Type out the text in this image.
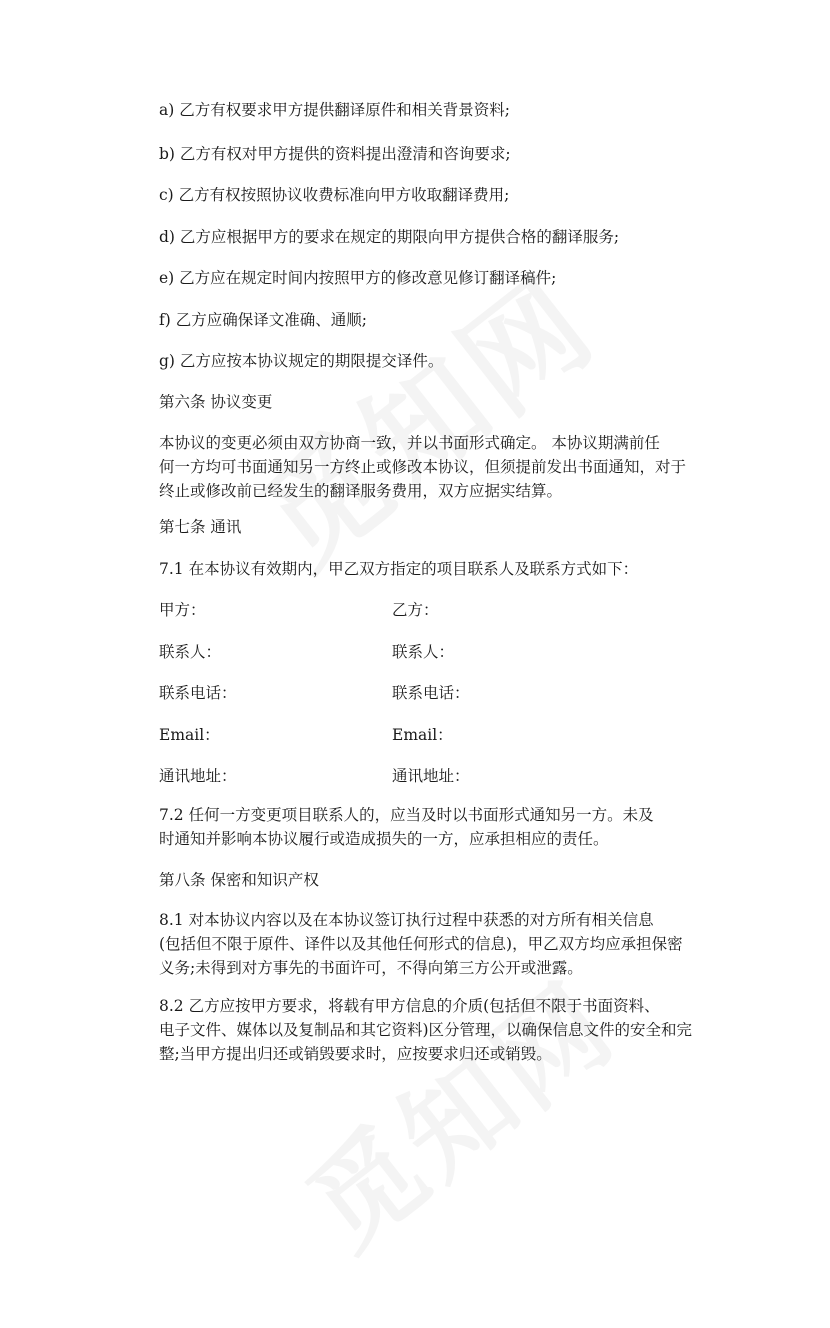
a) 乙方有权要求甲方提供翻译原件和相关背景资料;
b) 乙方有权对甲方提供的资料提出澄清和咨询要求;
c) 乙方有权按照协议收费标准向甲方收取翻译费用;
d) 乙方应根据甲方的要求在规定的期限向甲方提供合格的翻译服务;
e) 乙方应在规定时间内按照甲方的修改意见修订翻译稿件;
f) 乙方应确保译文准确、通顺;
g) 乙方应按本协议规定的期限提交译件。
第六条 协议变更
本协议的变更必须由双方协商一致，并以书面形式确定。 本协议期满前任
何一方均可书面通知另一方终止或修改本协议，但须提前发出书面通知，对于
终止或修改前已经发生的翻译服务费用，双方应据实结算。
第七条 通讯
7.1 在本协议有效期内，甲乙双方指定的项目联系人及联系方式如下：
甲方：	乙方：
联系人：	联系人：
联系电话：	联系电话：
Email：	Email：
通讯地址：	通讯地址：
7.2 任何一方变更项目联系人的，应当及时以书面形式通知另一方。未及
时通知并影响本协议履行或造成损失的一方，应承担相应的责任。
第八条 保密和知识产权
8.1 对本协议内容以及在本协议签订执行过程中获悉的对方所有相关信息
(包括但不限于原件、译件以及其他任何形式的信息)，甲乙双方均应承担保密
义务;未得到对方事先的书面许可，不得向第三方公开或泄露。
8.2 乙方应按甲方要求，将载有甲方信息的介质(包括但不限于书面资料、
电子文件、媒体以及复制品和其它资料)区分管理，以确保信息文件的安全和完
整;当甲方提出归还或销毁要求时，应按要求归还或销毁。
